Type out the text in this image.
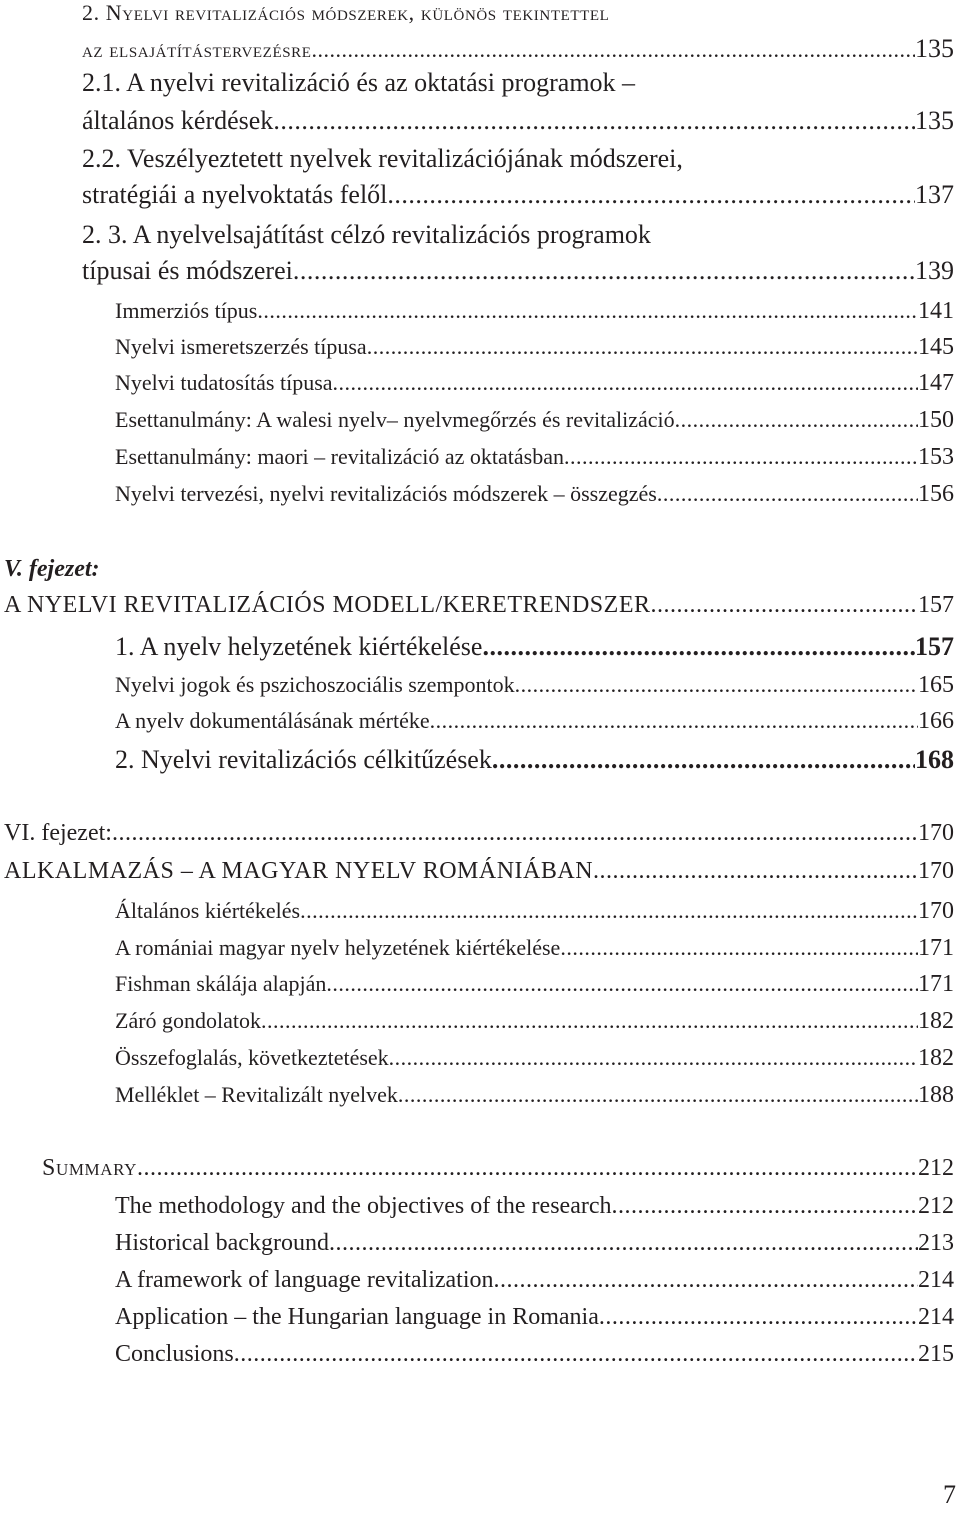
2. Nyelvi revitalizációs módszerek, különös tekintettel
az elsajátítástervezésre .....	135
2.1. A nyelvi revitalizáció és az oktatási programok –
általános kérdések .....	135
2.2. Veszélyeztetett nyelvek revitalizációjának módszerei,
stratégiái a nyelvoktatás felől .....	137
2. 3. A nyelvelsajátítást célzó revitalizációs programok
típusai és módszerei .....	139
Immerziós típus .....	141
Nyelvi ismeretszerzés típusa .....	145
Nyelvi tudatosítás típusa .....	147
Esettanulmány: A walesi nyelv– nyelvmegőrzés és revitalizáció .....	150
Esettanulmány: maori – revitalizáció az oktatásban .....	153
Nyelvi tervezési, nyelvi revitalizációs módszerek – összegzés .....	156
V. fejezet:
A NYELVI REVITALIZÁCIÓS MODELL/KERETRENDSZER .....	157
1. A nyelv helyzetének kiértékelése .....	157
Nyelvi jogok és pszichoszociális szempontok .....	165
A nyelv dokumentálásának mértéke .....	166
2. Nyelvi revitalizációs célkitűzések .....	168
VI. fejezet: .....	170
ALKALMAZÁS – A MAGYAR NYELV ROMÁNIÁBAN .....	170
Általános kiértékelés .....	170
A romániai magyar nyelv helyzetének kiértékelése .....	171
Fishman skálája alapján .....	171
Záró gondolatok .....	182
Összefoglalás, következtetések .....	182
Melléklet – Revitalizált nyelvek .....	188
Summary .....	212
The methodology and the objectives of the research .....	212
Historical background .....	213
A framework of language revitalization .....	214
Application – the Hungarian language in Romania .....	214
Conclusions .....	215
7
